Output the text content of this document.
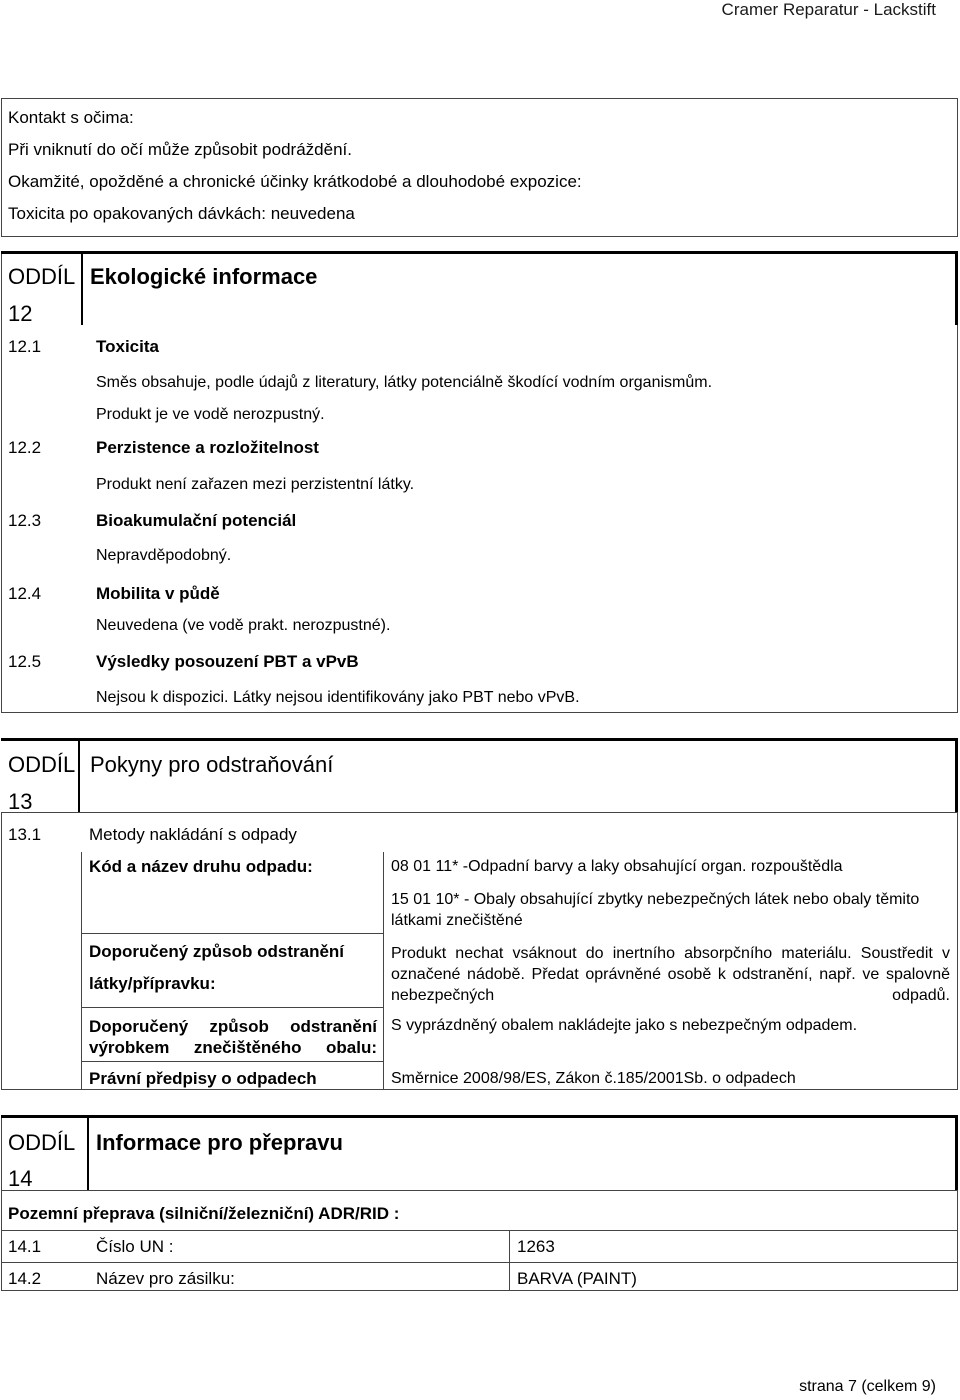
Cramer Reparatur - Lackstift
Kontakt s očima:
Při vniknutí do očí může způsobit podráždění.
Okamžité, opožděné a chronické účinky krátkodobé a dlouhodobé expozice:
Toxicita po opakovaných dávkách: neuvedena
ODDÍL
12
Ekologické informace
12.1	Toxicita
Směs obsahuje, podle údajů z literatury, látky potenciálně škodící vodním organismům.
Produkt je ve vodě nerozpustný.
12.2	Perzistence a rozložitelnost
Produkt není zařazen mezi perzistentní látky.
12.3	Bioakumulační potenciál
Nepravděpodobný.
12.4	Mobilita v půdě
Neuvedena (ve vodě prakt. nerozpustné).
12.5	Výsledky posouzení PBT a vPvB
Nejsou k dispozici. Látky nejsou identifikovány jako PBT nebo vPvB.
ODDÍL
13
Pokyny pro odstraňování
13.1	Metody nakládání s odpady
Kód a název druhu odpadu:	08 01 11* -Odpadní barvy a laky obsahující organ. rozpouštědla
15 01 10* - Obaly obsahující zbytky nebezpečných látek nebo obaly těmito látkami znečištěné
Doporučený způsob odstranění
látky/přípravku:
Produkt nechat vsáknout do inertního absorpčního materiálu. Soustředit v označené nádobě. Předat oprávněné osobě k odstranění, např. ve spalovně nebezpečných odpadů.
Doporučený způsob odstranění výrobkem znečištěného obalu:
S vyprázdněný obalem nakládejte jako s nebezpečným odpadem.
Právní předpisy o odpadech	Směrnice 2008/98/ES, Zákon č.185/2001Sb. o odpadech
ODDÍL
14
Informace pro přepravu
Pozemní přeprava (silniční/železniční) ADR/RID :
14.1	Číslo UN :	1263
14.2	Název pro zásilku:	BARVA (PAINT)
strana 7 (celkem 9)
